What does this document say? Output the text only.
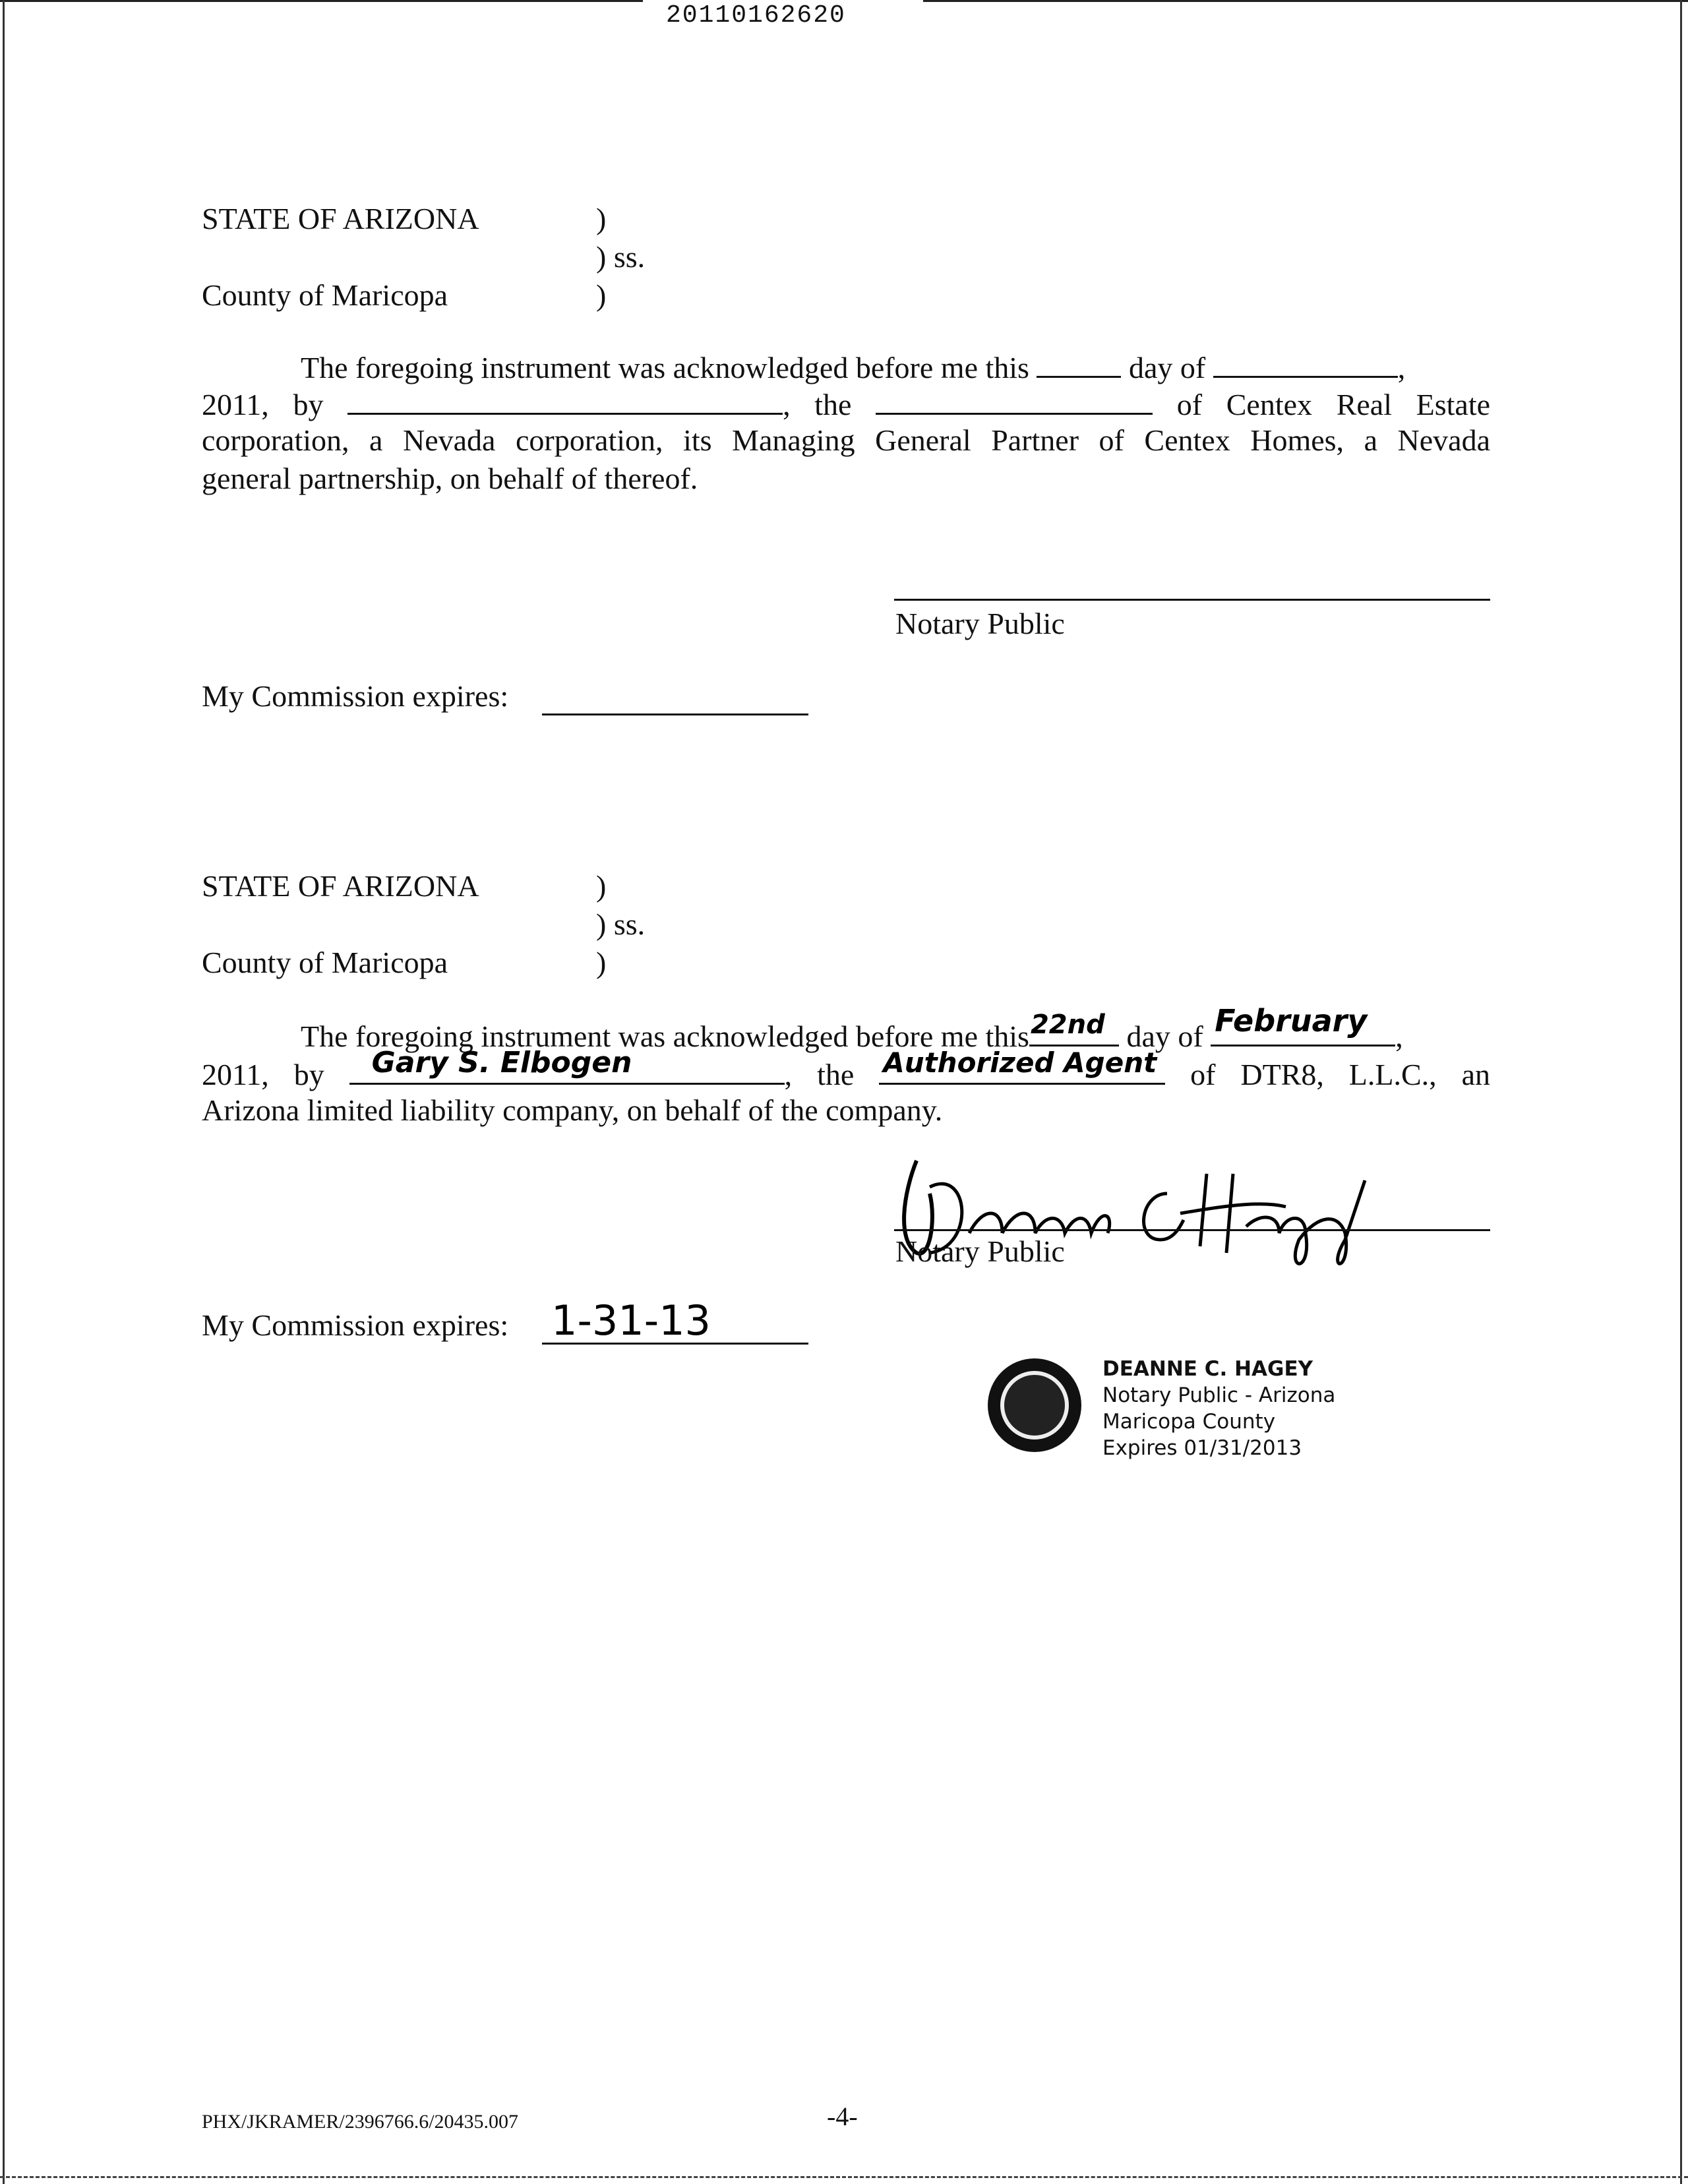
20110162620
STATE OF ARIZONA	)
) ss.
County of Maricopa	)
The foregoing instrument was acknowledged before me this	day of	,
2011, by	, the	of Centex Real Estate
corporation, a Nevada corporation, its Managing General Partner of Centex Homes, a Nevada
general partnership, on behalf of thereof.
Notary Public
My Commission expires:
STATE OF ARIZONA	)
) ss.
County of Maricopa	)
The foregoing instrument was acknowledged before me this 22nd day of February ,
2011, by Gary S. Elbogen	, the Authorized Agent of DTR8, L.L.C., an
Arizona limited liability company, on behalf of the company.
Notary Public
My Commission expires: 1-31-13
DEANNE C. HAGEY
Notary Public - Arizona
Maricopa County
Expires 01/31/2013
PHX/JKRAMER/2396766.6/20435.007	-4-
